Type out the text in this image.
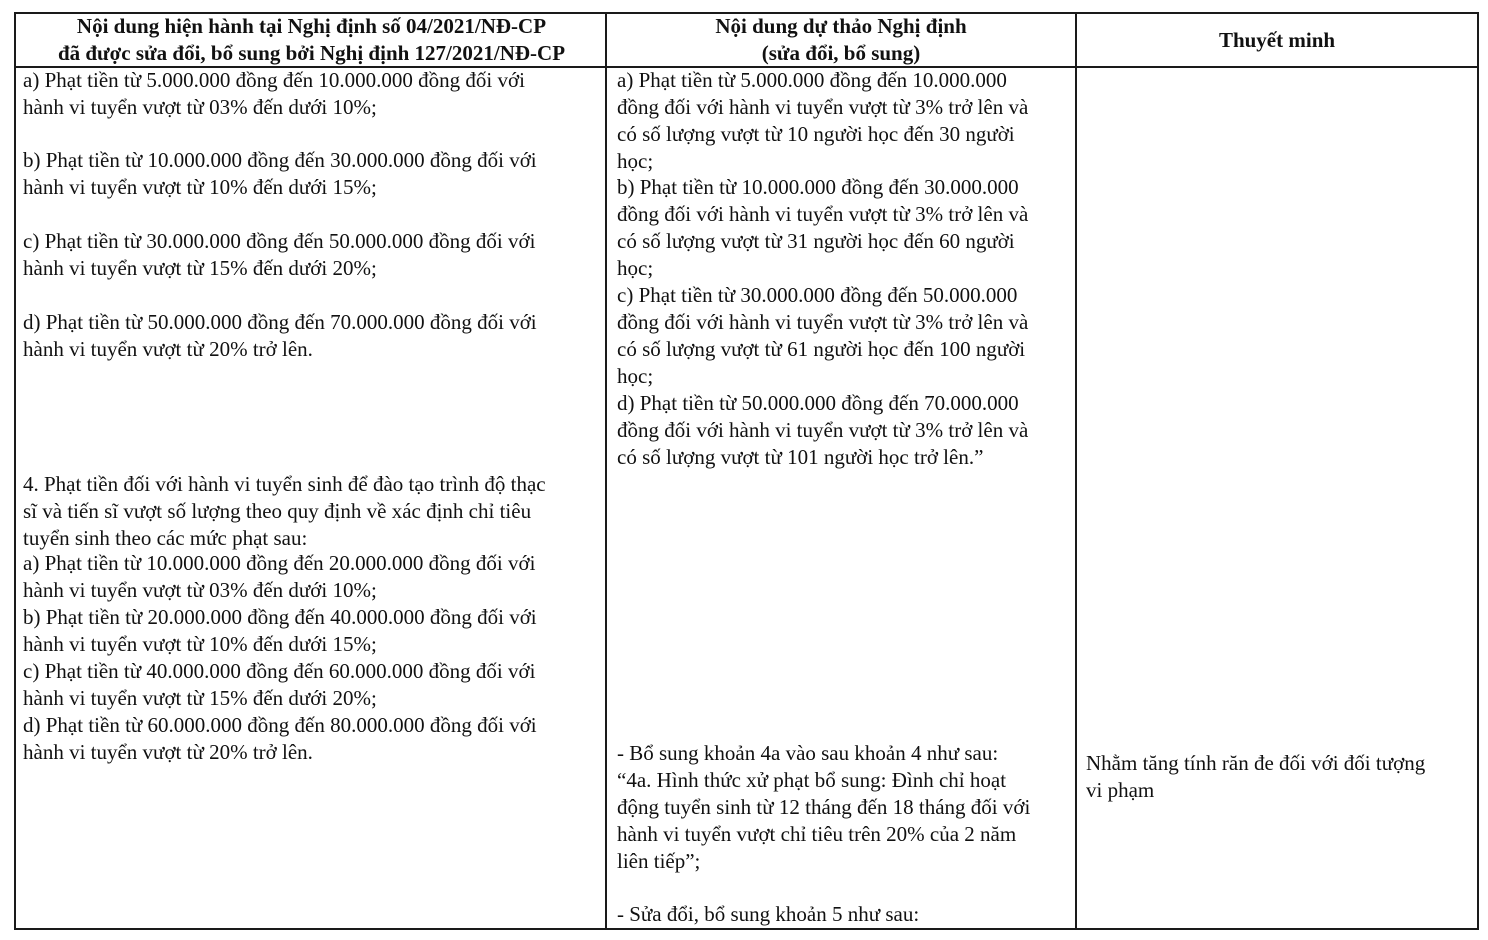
Nội dung hiện hành tại Nghị định số 04/2021/NĐ-CP
đã được sửa đổi, bổ sung bởi Nghị định 127/2021/NĐ-CP
Nội dung dự thảo Nghị định
(sửa đổi, bổ sung)
Thuyết minh
a) Phạt tiền từ 5.000.000 đồng đến 10.000.000 đồng đối với
hành vi tuyển vượt từ 03% đến dưới 10%;
b) Phạt tiền từ 10.000.000 đồng đến 30.000.000 đồng đối với
hành vi tuyển vượt từ 10% đến dưới 15%;
c) Phạt tiền từ 30.000.000 đồng đến 50.000.000 đồng đối với
hành vi tuyển vượt từ 15% đến dưới 20%;
d) Phạt tiền từ 50.000.000 đồng đến 70.000.000 đồng đối với
hành vi tuyển vượt từ 20% trở lên.
4. Phạt tiền đối với hành vi tuyển sinh để đào tạo trình độ thạc
sĩ và tiến sĩ vượt số lượng theo quy định về xác định chỉ tiêu
tuyển sinh theo các mức phạt sau:
a) Phạt tiền từ 10.000.000 đồng đến 20.000.000 đồng đối với
hành vi tuyển vượt từ 03% đến dưới 10%;
b) Phạt tiền từ 20.000.000 đồng đến 40.000.000 đồng đối với
hành vi tuyển vượt từ 10% đến dưới 15%;
c) Phạt tiền từ 40.000.000 đồng đến 60.000.000 đồng đối với
hành vi tuyển vượt từ 15% đến dưới 20%;
d) Phạt tiền từ 60.000.000 đồng đến 80.000.000 đồng đối với
hành vi tuyển vượt từ 20% trở lên.
a) Phạt tiền từ 5.000.000 đồng đến 10.000.000
đồng đối với hành vi tuyển vượt từ 3% trở lên và
có số lượng vượt từ 10 người học đến 30 người
học;
b) Phạt tiền từ 10.000.000 đồng đến 30.000.000
đồng đối với hành vi tuyển vượt từ 3% trở lên và
có số lượng vượt từ 31 người học đến 60 người
học;
c) Phạt tiền từ 30.000.000 đồng đến 50.000.000
đồng đối với hành vi tuyển vượt từ 3% trở lên và
có số lượng vượt từ 61 người học đến 100 người
học;
d) Phạt tiền từ 50.000.000 đồng đến 70.000.000
đồng đối với hành vi tuyển vượt từ 3% trở lên và
có số lượng vượt từ 101 người học trở lên.”
- Bổ sung khoản 4a vào sau khoản 4 như sau:
“4a. Hình thức xử phạt bổ sung: Đình chỉ hoạt
động tuyển sinh từ 12 tháng đến 18 tháng đối với
hành vi tuyển vượt chỉ tiêu trên 20% của 2 năm
liên tiếp”;
- Sửa đổi, bổ sung khoản 5 như sau:
Nhằm tăng tính răn đe đối với đối tượng
vi phạm
